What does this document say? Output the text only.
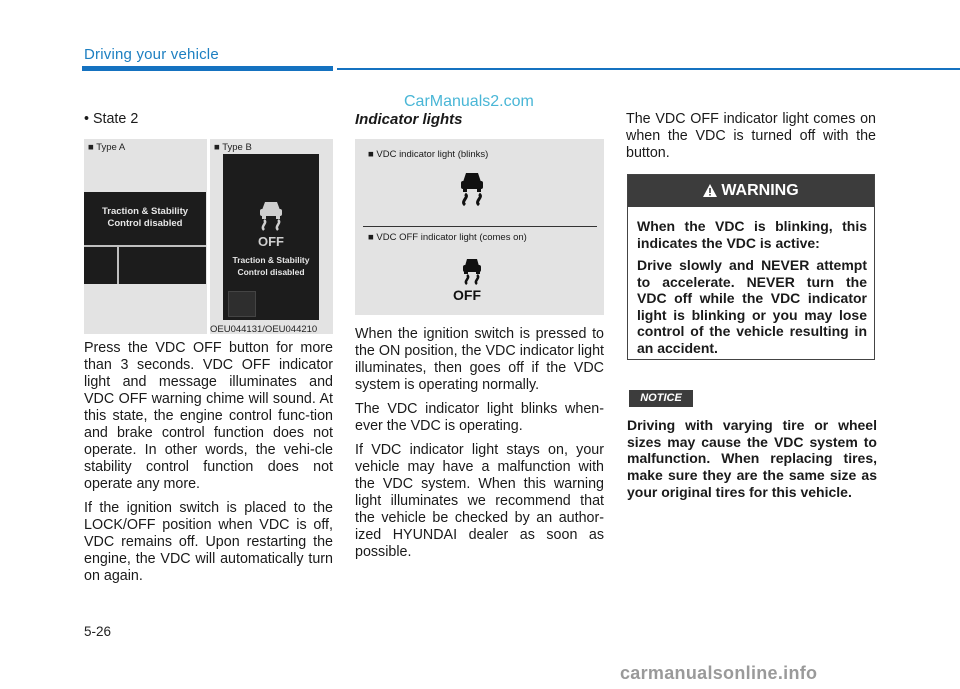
Driving your vehicle
CarManuals2.com
• State 2
■ Type A	■ Type B
Traction & Stability
Control disabled
OFF
Traction & Stability
Control disabled
OEU044131/OEU044210

Press the VDC OFF button for more than 3 seconds. VDC OFF indicator light and message illuminates and VDC OFF warning chime will sound. At this state, the engine control func-tion and brake control function does not operate. In other words, the vehi-cle stability control function does not operate any more.

If the ignition switch is placed to the LOCK/OFF position when VDC is off, VDC remains off. Upon restarting the engine, the VDC will automatically turn on again.

Indicator lights
■ VDC indicator light (blinks)
■ VDC OFF indicator light (comes on)
OFF

When the ignition switch is pressed to the ON position, the VDC indicator light illuminates, then goes off if the VDC system is operating normally.

The VDC indicator light blinks when-ever the VDC is operating.

If VDC indicator light stays on, your vehicle may have a malfunction with the VDC system. When this warning light illuminates we recommend that the vehicle be checked by an author-ized HYUNDAI dealer as soon as possible.

The VDC OFF indicator light comes on when the VDC is turned off with the button.
WARNING

When the VDC is blinking, this indicates the VDC is active:

Drive slowly and NEVER attempt to accelerate. NEVER turn the VDC off while the VDC indicator light is blinking or you may lose control of the vehicle resulting in an accident.

NOTICE

Driving with varying tire or wheel sizes may cause the VDC system to malfunction. When replacing tires, make sure they are the same size as your original tires for this vehicle.

5-26
carmanualsonline.info
